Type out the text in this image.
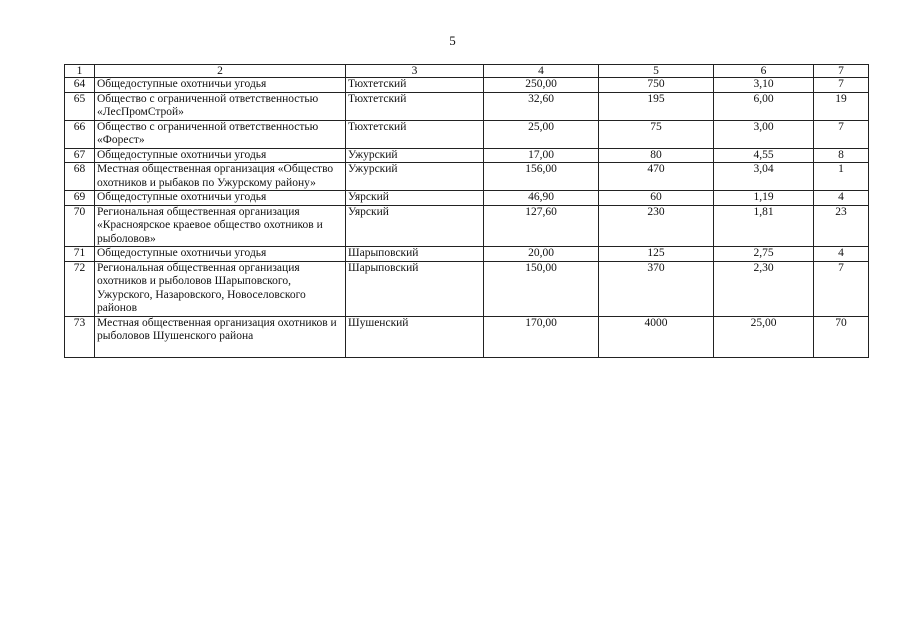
5
1	2	3	4	5	6	7
64	Общедоступные охотничьи угодья	Тюхтетский	250,00	750	3,10	7
65	Общество с ограниченной ответственностью «ЛесПромСтрой»	Тюхтетский	32,60	195	6,00	19
66	Общество с ограниченной ответственностью «Форест»	Тюхтетский	25,00	75	3,00	7
67	Общедоступные охотничьи угодья	Ужурский	17,00	80	4,55	8
68	Местная общественная организация «Общество охотников и рыбаков по Ужурскому району»	Ужурский	156,00	470	3,04	1
69	Общедоступные охотничьи угодья	Уярский	46,90	60	1,19	4
70	Региональная общественная организация «Красноярское краевое общество охотников и рыболовов»	Уярский	127,60	230	1,81	23
71	Общедоступные охотничьи угодья	Шарыповский	20,00	125	2,75	4
72	Региональная общественная организация охотников и рыболовов Шарыповского, Ужурского, Назаровского, Новоселовского районов	Шарыповский	150,00	370	2,30	7
73	Местная общественная организация охотников и рыболовов Шушенского района	Шушенский	170,00	4000	25,00	70
